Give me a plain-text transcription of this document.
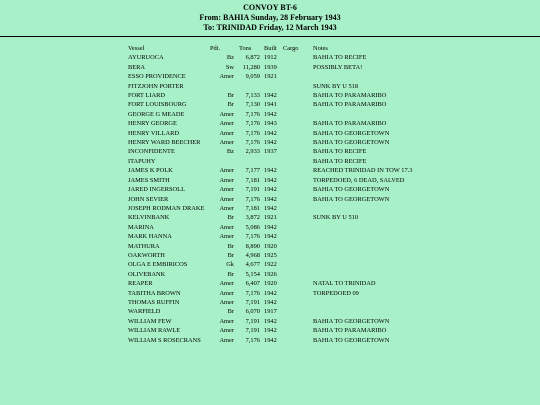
CONVOY BT-6
From: BAHIA Sunday, 28 February 1943
To: TRINIDAD Friday, 12 March 1943
Vessel	Pdt.	Tons	Built	Cargo	Notes
AYURUOCA	Bz	6,872	1912		BAHIA TO RECIFE
BERA	Sw	11,280	1939		POSSIBLY BETA!
ESSO PROVIDENCE	Amer	9,059	1921		
FITZJOHN PORTER					SUNK BY U 518
FORT LIARD	Br	7,133	1942		BAHIA TO PARAMARIBO
FORT LOUISBOURG	Br	7,130	1941		BAHIA TO PARAMARIBO
GEORGE G MEADE	Amer	7,176	1942		
HENRY GEORGE	Amer	7,176	1943		BAHIA TO PARAMARIBO
HENRY VILLARD	Amer	7,176	1942		BAHIA TO GEORGETOWN
HENRY WARD BEECHER	Amer	7,176	1942		BAHIA TO GEORGETOWN
INCONFIDENTE	Bz	2,933	1937		BAHIA TO RECIFE
ITAPUHY					BAHIA TO RECIFE
JAMES K POLK	Amer	7,177	1942		REACHED TRINIDAD IN TOW 17.3
JAMES SMITH	Amer	7,181	1942		TORPEDOED, 6 DEAD, SALVED
JARED INGERSOLL	Amer	7,191	1942		BAHIA TO GEORGETOWN
JOHN SEVIER	Amer	7,176	1942		BAHIA TO GEORGETOWN
JOSEPH RODMAN DRAKE	Amer	7,181	1942		
KELVINBANK	Br	3,872	1921		SUNK BY U 510
MARINA	Amer	5,086	1942		
MARK HANNA	Amer	7,176	1942		
MATHURA	Br	8,890	1920		
OAKWORTH	Br	4,968	1925		
OLGA E EMBIRICOS	Gk	4,677	1922		
OLIVEBANK	Br	5,154	1926		
REAPER	Amer	6,407	1920		NATAL TO TRINIDAD
TABITHA BROWN	Amer	7,176	1942		TORPEDOED 09
THOMAS RUFFIN	Amer	7,191	1942		
WARFIELD	Br	6,070	1917		
WILLIAM FEW	Amer	7,191	1942		BAHIA TO GEORGETOWN
WILLIAM RAWLE	Amer	7,191	1942		BAHIA TO PARAMARIBO
WILLIAM S ROSECRANS	Amer	7,176	1942		BAHIA TO GEORGETOWN
